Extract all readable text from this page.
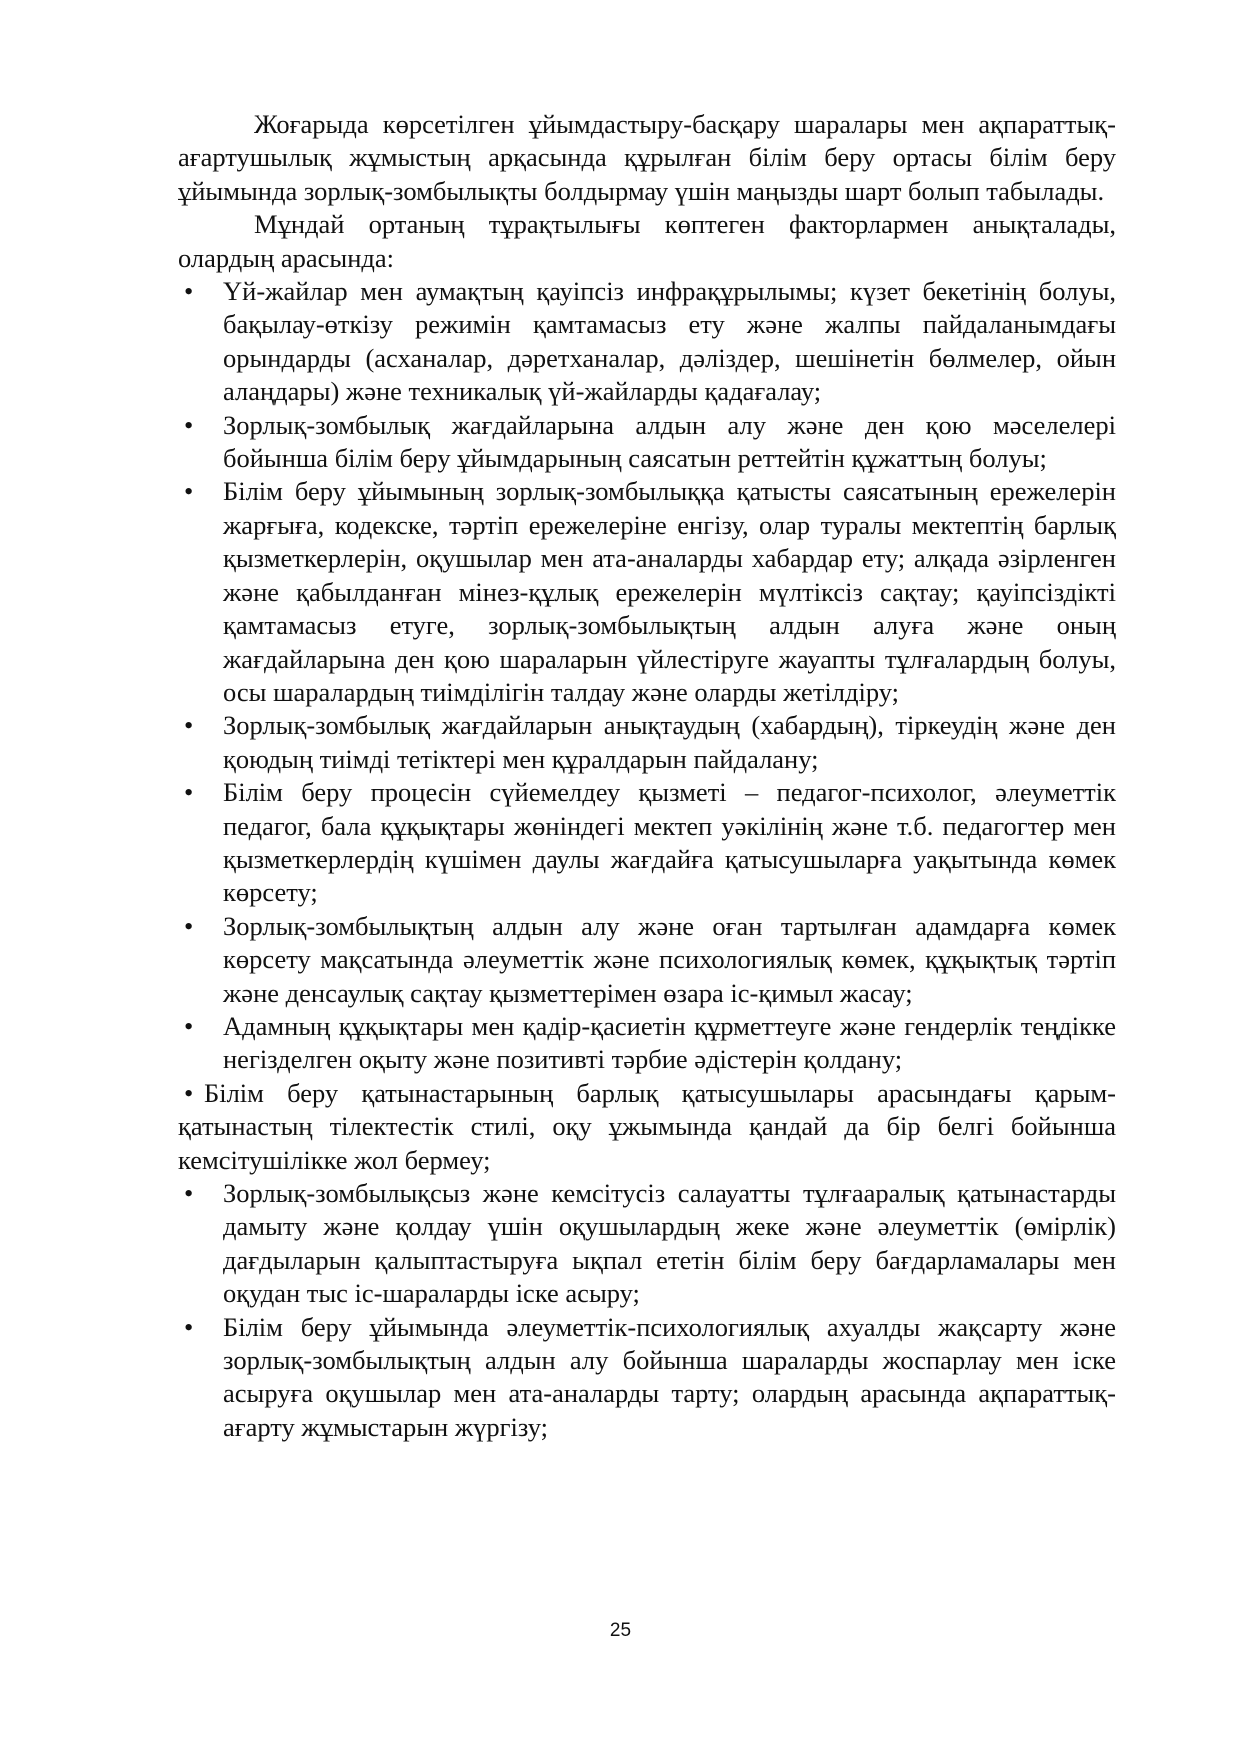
Жоғарыда көрсетілген ұйымдастыру-басқару шаралары мен ақпараттық-ағартушылық жұмыстың арқасында құрылған білім беру ортасы білім беру ұйымында зорлық-зомбылықты болдырмау үшін маңызды шарт болып табылады.

Мұндай ортаның тұрақтылығы көптеген факторлармен анықталады, олардың арасында:

•	Үй-жайлар мен аумақтың қауіпсіз инфрақұрылымы; күзет бекетінің болуы, бақылау-өткізу режимін қамтамасыз ету және жалпы пайдаланымдағы орындарды (асханалар, дәретханалар, дәліздер, шешінетін бөлмелер, ойын алаңдары) және техникалық үй-жайларды қадағалау;
•	Зорлық-зомбылық жағдайларына алдын алу және ден қою мәселелері бойынша білім беру ұйымдарының саясатын реттейтін құжаттың болуы;
•	Білім беру ұйымының зорлық-зомбылыққа қатысты саясатының ережелерін жарғыға, кодекске, тәртіп ережелеріне енгізу, олар туралы мектептің барлық қызметкерлерін, оқушылар мен ата-аналарды хабардар ету; алқада әзірленген және қабылданған мінез-құлық ережелерін мүлтіксіз сақтау; қауіпсіздікті қамтамасыз етуге, зорлық-зомбылықтың алдын алуға және оның жағдайларына ден қою шараларын үйлестіруге жауапты тұлғалардың болуы, осы шаралардың тиімділігін талдау және оларды жетілдіру;
•	Зорлық-зомбылық жағдайларын анықтаудың (хабардың), тіркеудің және ден қоюдың тиімді тетіктері мен құралдарын пайдалану;
•	Білім беру процесін сүйемелдеу қызметі – педагог-психолог, әлеуметтік педагог, бала құқықтары жөніндегі мектеп уәкілінің және т.б. педагогтер мен қызметкерлердің күшімен даулы жағдайға қатысушыларға уақытында көмек көрсету;
•	Зорлық-зомбылықтың алдын алу және оған тартылған адамдарға көмек көрсету мақсатында әлеуметтік және психологиялық көмек, құқықтық тәртіп және денсаулық сақтау қызметтерімен өзара іс-қимыл жасау;
•	Адамның құқықтары мен қадір-қасиетін құрметтеуге және гендерлік теңдікке негізделген оқыту және позитивті тәрбие әдістерін қолдану;

• Білім беру қатынастарының барлық қатысушылары арасындағы қарым-қатынастың тілектестік стилі, оқу ұжымында қандай да бір белгі бойынша кемсітушілікке жол бермеу;

•	Зорлық-зомбылықсыз және кемсітусіз салауатты тұлғааралық қатынастарды дамыту және қолдау үшін оқушылардың жеке және әлеуметтік (өмірлік) дағдыларын қалыптастыруға ықпал ететін білім беру бағдарламалары мен оқудан тыс іс-шараларды іске асыру;
•	Білім беру ұйымында әлеуметтік-психологиялық ахуалды жақсарту және зорлық-зомбылықтың алдын алу бойынша шараларды жоспарлау мен іске асыруға оқушылар мен ата-аналарды тарту; олардың арасында ақпараттық-ағарту жұмыстарын жүргізу;
25
